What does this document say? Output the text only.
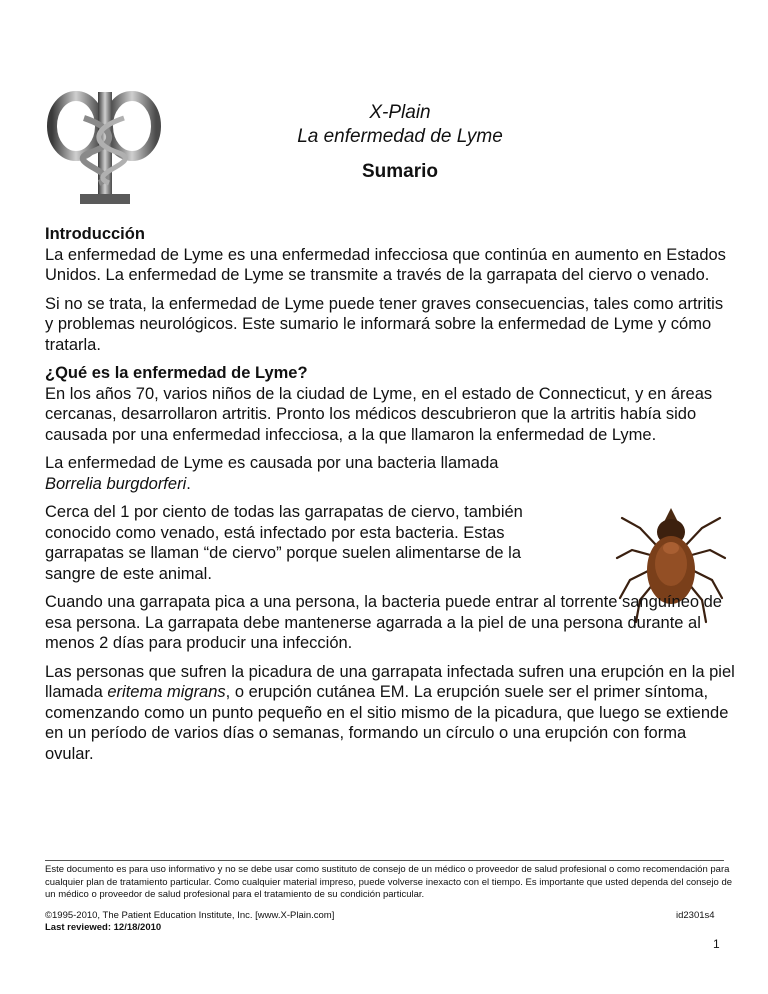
X-Plain
La enfermedad de Lyme
Sumario
Introducción

La enfermedad de Lyme es una enfermedad infecciosa que continúa en aumento en Estados Unidos. La enfermedad de Lyme se transmite a través de la garrapata del ciervo o venado.

Si no se trata, la enfermedad de Lyme puede tener graves consecuencias, tales como artritis y problemas neurológicos. Este sumario le informará sobre la enfermedad de Lyme y cómo tratarla.

¿Qué es la enfermedad de Lyme?

En los años 70, varios niños de la ciudad de Lyme, en el estado de Connecticut, y en áreas cercanas, desarrollaron artritis. Pronto los médicos descubrieron que la artritis había sido causada por una enfermedad infecciosa, a la que llamaron la enfermedad de Lyme.

La enfermedad de Lyme es causada por una bacteria llamada
Borrelia burgdorferi.

Cerca del 1 por ciento de todas las garrapatas de ciervo, también conocido como venado, está infectado por esta bacteria. Estas garrapatas se llaman “de ciervo” porque suelen alimentarse de la sangre de este animal.

Cuando una garrapata pica a una persona, la bacteria puede entrar al torrente sanguíneo de esa persona. La garrapata debe mantenerse agarrada a la piel de una persona durante al menos 2 días para producir una infección.

Las personas que sufren la picadura de una garrapata infectada sufren una erupción en la piel llamada eritema migrans, o erupción cutánea EM. La erupción suele ser el primer síntoma, comenzando como un punto pequeño en el sitio mismo de la picadura, que luego se extiende en un período de varios días o semanas, formando un círculo o una erupción con forma ovular.

Este documento es para uso informativo y no se debe usar como sustituto de consejo de un médico o proveedor de salud profesional o como recomendación para cualquier plan de tratamiento particular. Como cualquier material impreso, puede volverse inexacto con el tiempo. Es importante que usted dependa del consejo de un médico o proveedor de salud profesional para el tratamiento de su condición particular.
©1995-2010, The Patient Education Institute, Inc. [www.X-Plain.com]	id2301s4
Last reviewed: 12/18/2010
1
